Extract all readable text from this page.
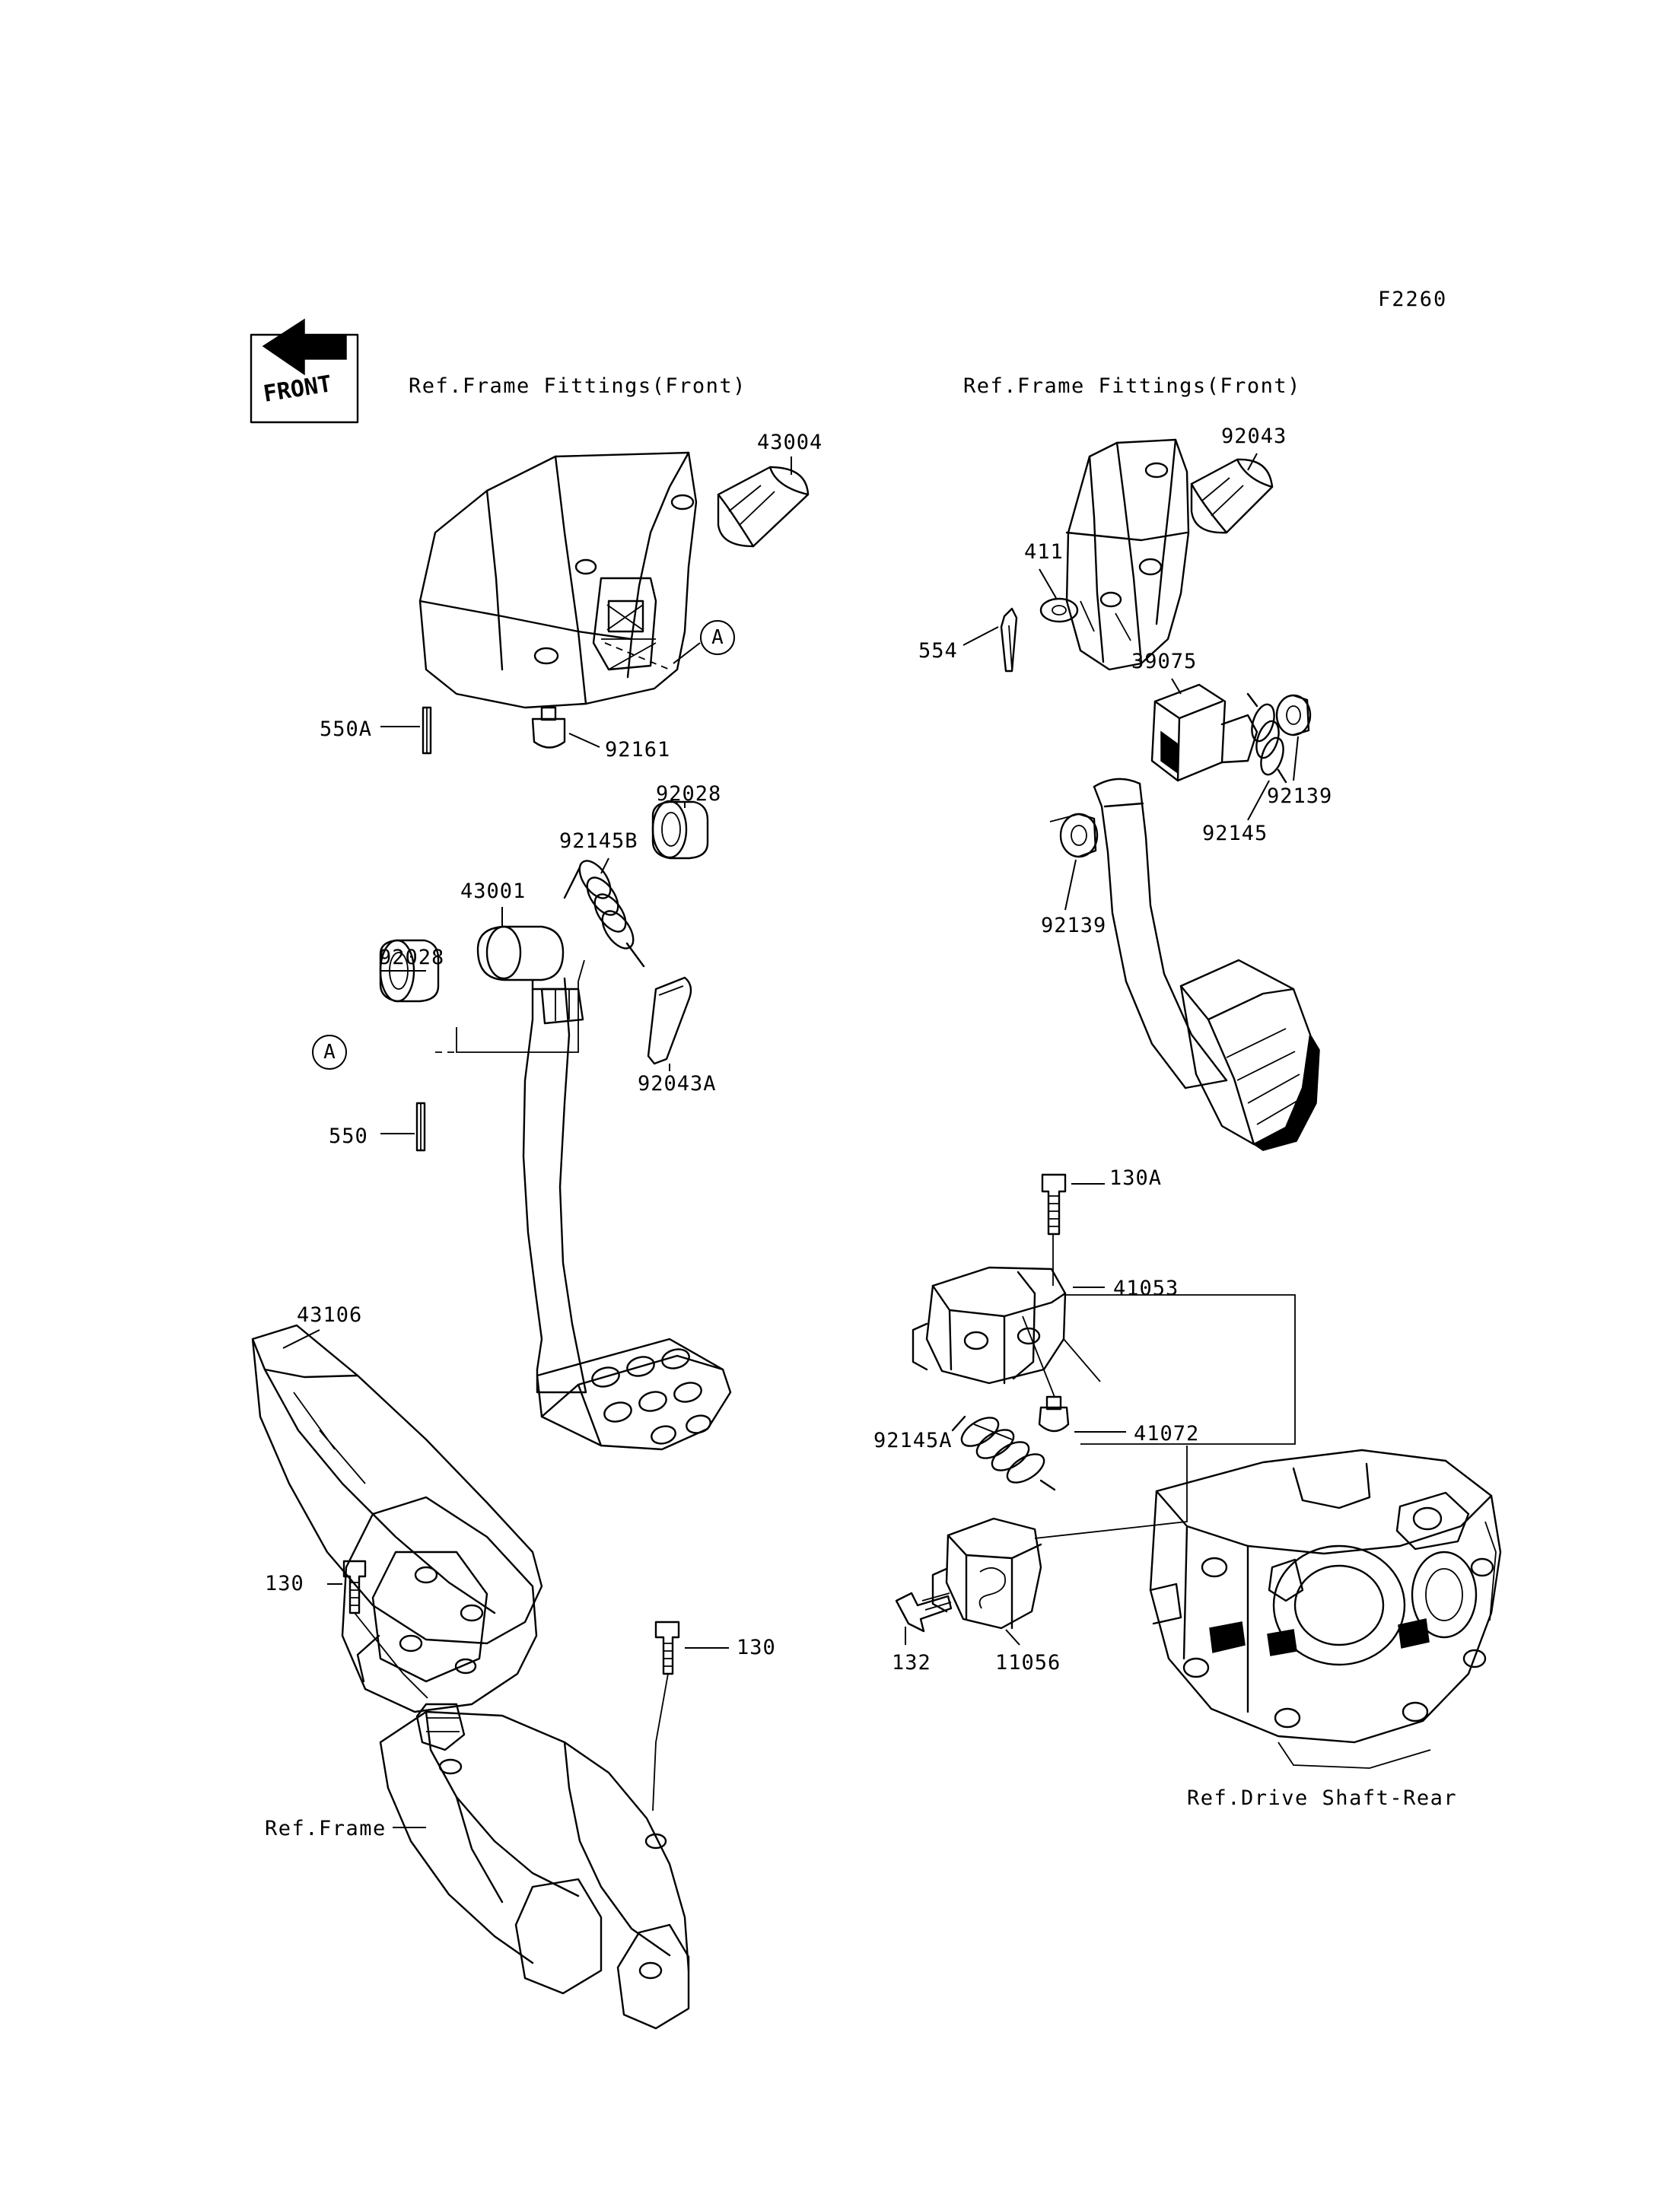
F2260
Ref.Frame Fittings(Front)	Ref.Frame Fittings(Front)
Ref.Drive Shaft-Rear
Ref.Frame
43004	92043
411
554	39075
92139
92145
92139
550A
92161
92028
92145B
43001
92028
92043A
550
43106
130
130
130A
41053
41072
92145A
132	11056
A
A
FRONT
